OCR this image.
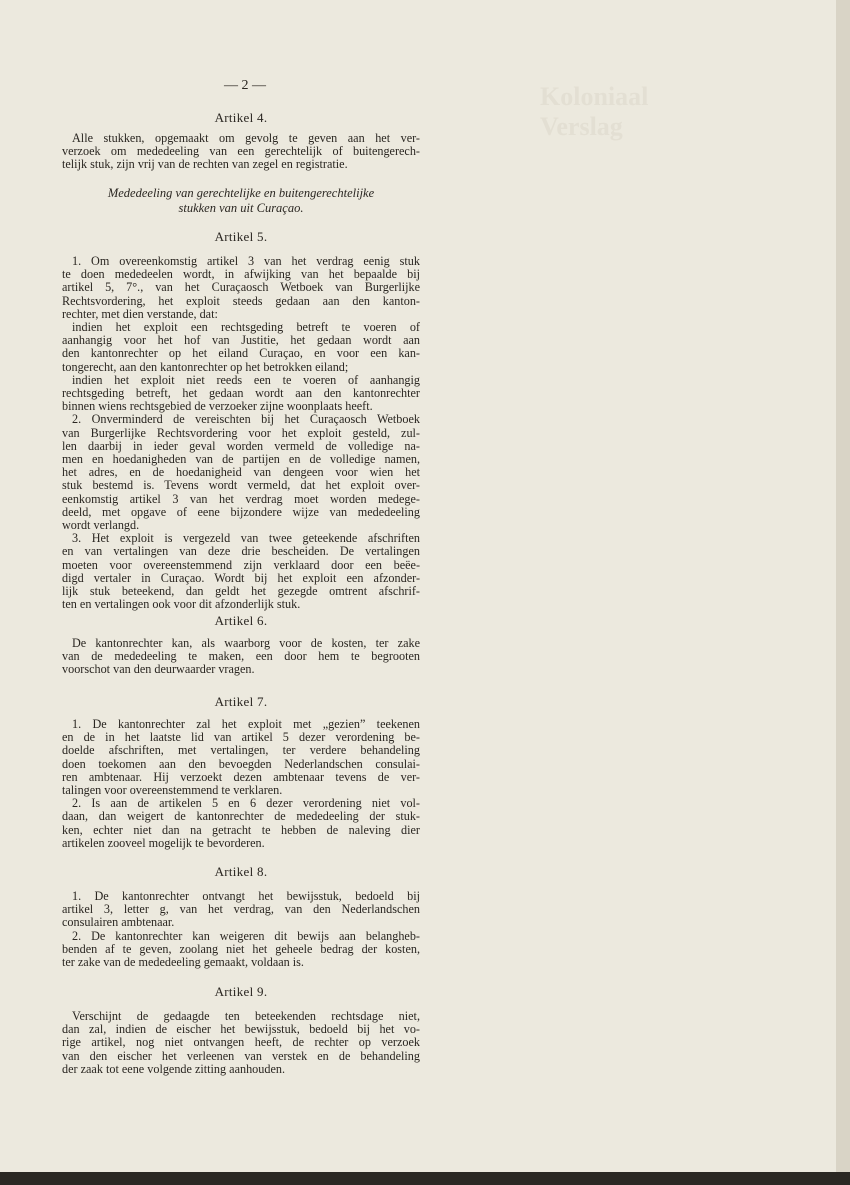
Koloniaal
Verslag
— 2 —
Artikel 4.
Alle stukken, opgemaakt om gevolg te geven aan het ver-
verzoek om mededeeling van een gerechtelijk of buitengerech-
telijk stuk, zijn vrij van de rechten van zegel en registratie.
Mededeeling van gerechtelijke en buitengerechtelijke
stukken van uit Curaçao.
Artikel 5.
1. Om overeenkomstig artikel 3 van het verdrag eenig stuk
te doen mededeelen wordt, in afwijking van het bepaalde bij
artikel 5, 7°., van het Curaçaosch Wetboek van Burgerlijke
Rechtsvordering, het exploit steeds gedaan aan den kanton-
rechter, met dien verstande, dat:
indien het exploit een rechtsgeding betreft te voeren of
aanhangig voor het hof van Justitie, het gedaan wordt aan
den kantonrechter op het eiland Curaçao, en voor een kan-
tongerecht, aan den kantonrechter op het betrokken eiland;
indien het exploit niet reeds een te voeren of aanhangig
rechtsgeding betreft, het gedaan wordt aan den kantonrechter
binnen wiens rechtsgebied de verzoeker zijne woonplaats heeft.
2. Onverminderd de vereischten bij het Curaçaosch Wetboek
van Burgerlijke Rechtsvordering voor het exploit gesteld, zul-
len daarbij in ieder geval worden vermeld de volledige na-
men en hoedanigheden van de partijen en de volledige namen,
het adres, en de hoedanigheid van dengeen voor wien het
stuk bestemd is. Tevens wordt vermeld, dat het exploit over-
eenkomstig artikel 3 van het verdrag moet worden medege-
deeld, met opgave of eene bijzondere wijze van mededeeling
wordt verlangd.
3. Het exploit is vergezeld van twee geteekende afschriften
en van vertalingen van deze drie bescheiden. De vertalingen
moeten voor overeenstemmend zijn verklaard door een beëe-
digd vertaler in Curaçao. Wordt bij het exploit een afzonder-
lijk stuk beteekend, dan geldt het gezegde omtrent afschrif-
ten en vertalingen ook voor dit afzonderlijk stuk.
Artikel 6.
De kantonrechter kan, als waarborg voor de kosten, ter zake
van de mededeeling te maken, een door hem te begrooten
voorschot van den deurwaarder vragen.
Artikel 7.
1. De kantonrechter zal het exploit met „gezien” teekenen
en de in het laatste lid van artikel 5 dezer verordening be-
doelde afschriften, met vertalingen, ter verdere behandeling
doen toekomen aan den bevoegden Nederlandschen consulai-
ren ambtenaar. Hij verzoekt dezen ambtenaar tevens de ver-
talingen voor overeenstemmend te verklaren.
2. Is aan de artikelen 5 en 6 dezer verordening niet vol-
daan, dan weigert de kantonrechter de mededeeling der stuk-
ken, echter niet dan na getracht te hebben de naleving dier
artikelen zooveel mogelijk te bevorderen.
Artikel 8.
1. De kantonrechter ontvangt het bewijsstuk, bedoeld bij
artikel 3, letter g, van het verdrag, van den Nederlandschen
consulairen ambtenaar.
2. De kantonrechter kan weigeren dit bewijs aan belangheb-
benden af te geven, zoolang niet het geheele bedrag der kosten,
ter zake van de mededeeling gemaakt, voldaan is.
Artikel 9.
Verschijnt de gedaagde ten beteekenden rechtsdage niet,
dan zal, indien de eischer het bewijsstuk, bedoeld bij het vo-
rige artikel, nog niet ontvangen heeft, de rechter op verzoek
van den eischer het verleenen van verstek en de behandeling
der zaak tot eene volgende zitting aanhouden.
